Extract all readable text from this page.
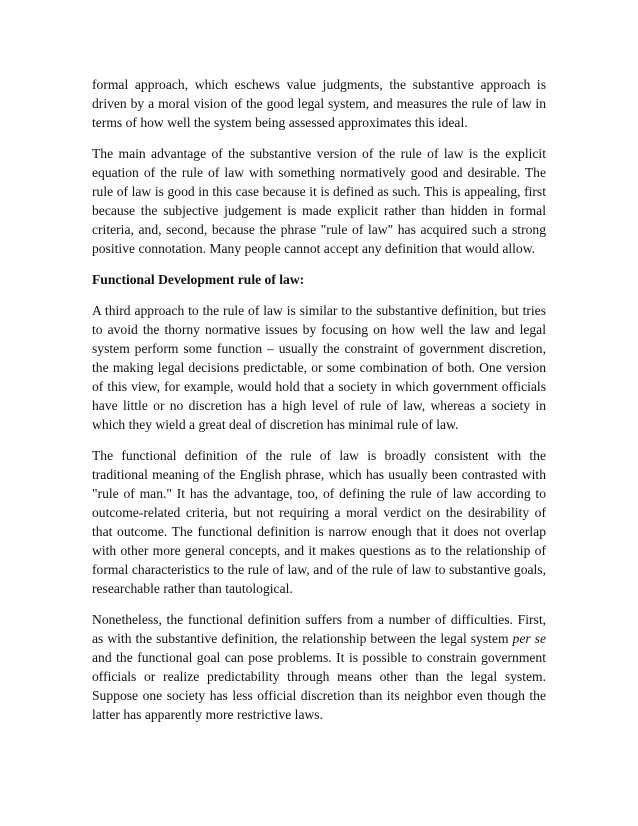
formal approach, which eschews value judgments, the substantive approach is driven by a moral vision of the good legal system, and measures the rule of law in terms of how well the system being assessed approximates this ideal.

The main advantage of the substantive version of the rule of law is the explicit equation of the rule of law with something normatively good and desirable. The rule of law is good in this case because it is defined as such. This is appealing, first because the subjective judgement is made explicit rather than hidden in formal criteria, and, second, because the phrase "rule of law" has acquired such a strong positive connotation. Many people cannot accept any definition that would allow.

Functional Development rule of law:

A third approach to the rule of law is similar to the substantive definition, but tries to avoid the thorny normative issues by focusing on how well the law and legal system perform some function – usually the constraint of government discretion, the making legal decisions predictable, or some combination of both. One version of this view, for example, would hold that a society in which government officials have little or no discretion has a high level of rule of law, whereas a society in which they wield a great deal of discretion has minimal rule of law.

The functional definition of the rule of law is broadly consistent with the traditional meaning of the English phrase, which has usually been contrasted with "rule of man." It has the advantage, too, of defining the rule of law according to outcome-related criteria, but not requiring a moral verdict on the desirability of that outcome. The functional definition is narrow enough that it does not overlap with other more general concepts, and it makes questions as to the relationship of formal characteristics to the rule of law, and of the rule of law to substantive goals, researchable rather than tautological.

Nonetheless, the functional definition suffers from a number of difficulties. First, as with the substantive definition, the relationship between the legal system per se and the functional goal can pose problems. It is possible to constrain government officials or realize predictability through means other than the legal system. Suppose one society has less official discretion than its neighbor even though the latter has apparently more restrictive laws.
